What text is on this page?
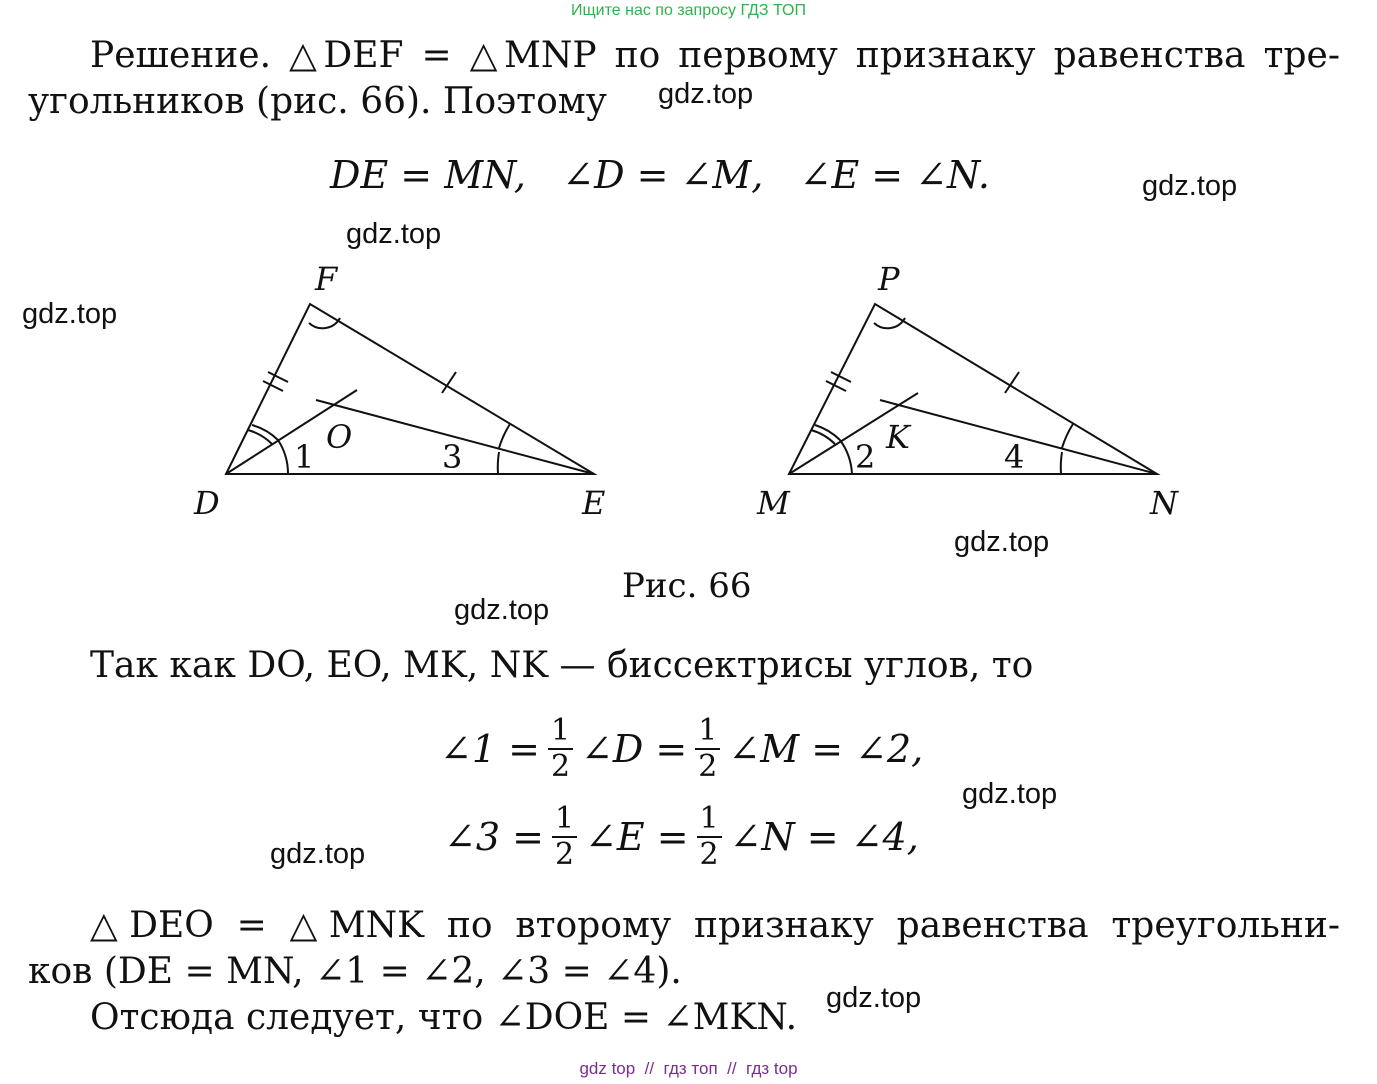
Ищите нас по запросу ГДЗ ТОП
Решение. △DEF = △MNP по первому признаку равенства тре-
угольников (рис. 66). Поэтому
DE = MN,   ∠D = ∠M,   ∠E = ∠N.
F
D	E
O
1	3
P
M	N
K
2	4
Рис. 66
Так как DO, EO, MK, NK — биссектрисы углов, то
∠1 = $\frac{1}{2}$ ∠D = $\frac{1}{2}$ ∠M = ∠2,
∠3 = $\frac{1}{2}$ ∠E = $\frac{1}{2}$ ∠N = ∠4,
△DEO = △MNK по второму признаку равенства треугольни-
ков (DE = MN, ∠1 = ∠2, ∠3 = ∠4).
Отсюда следует, что ∠DOE = ∠MKN.
gdz.top
gdz.top
gdz.top
gdz.top
gdz.top
gdz.top
gdz.top
gdz.top
gdz.top
gdz top  //  гдз топ  //  гдз top
